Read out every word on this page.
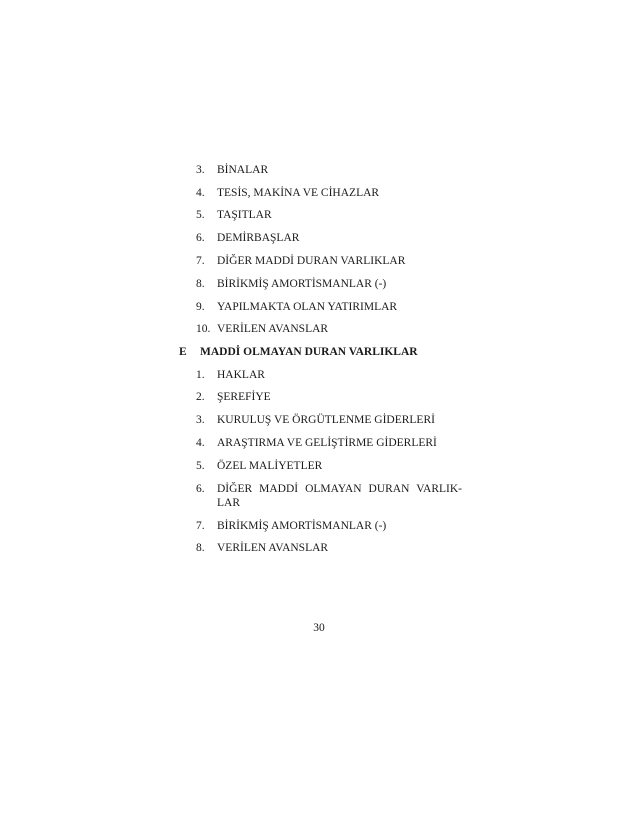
3. BİNALAR
4. TESİS, MAKİNA VE CİHAZLAR
5. TAŞITLAR
6. DEMİRBAŞLAR
7. DİĞER MADDİ DURAN VARLIKLAR
8. BİRİKMİŞ AMORTİSMANLAR (-)
9. YAPILMAKTA OLAN YATIRIMLAR
10. VERİLEN AVANSLAR
E MADDİ OLMAYAN DURAN VARLIKLAR
1. HAKLAR
2. ŞEREFİYE
3. KURULUŞ VE ÖRGÜTLENME GİDERLERİ
4. ARAŞTIRMA VE GELİŞTİRME GİDERLERİ
5. ÖZEL MALİYETLER
6. DİĞER MADDİ OLMAYAN DURAN VARLIK-
LAR
7. BİRİKMİŞ AMORTİSMANLAR (-)
8. VERİLEN AVANSLAR
30
